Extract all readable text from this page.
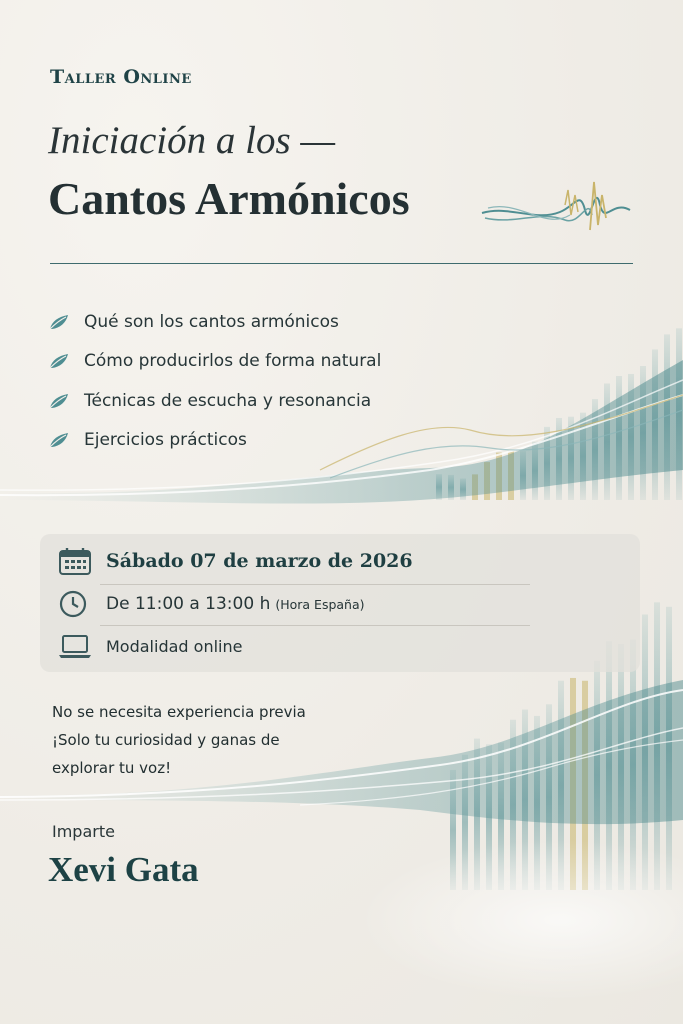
Taller Online
Iniciación a los —
Cantos Armónicos
Qué son los cantos armónicos
Cómo producirlos de forma natural
Técnicas de escucha y resonancia
Ejercicios prácticos
Sábado 07 de marzo de 2026
De 11:00 a 13:00 h (Hora España)
Modalidad online

No se necesita experiencia previa

¡Solo tu curiosidad y ganas de

explorar tu voz!

Imparte
Xevi Gata
